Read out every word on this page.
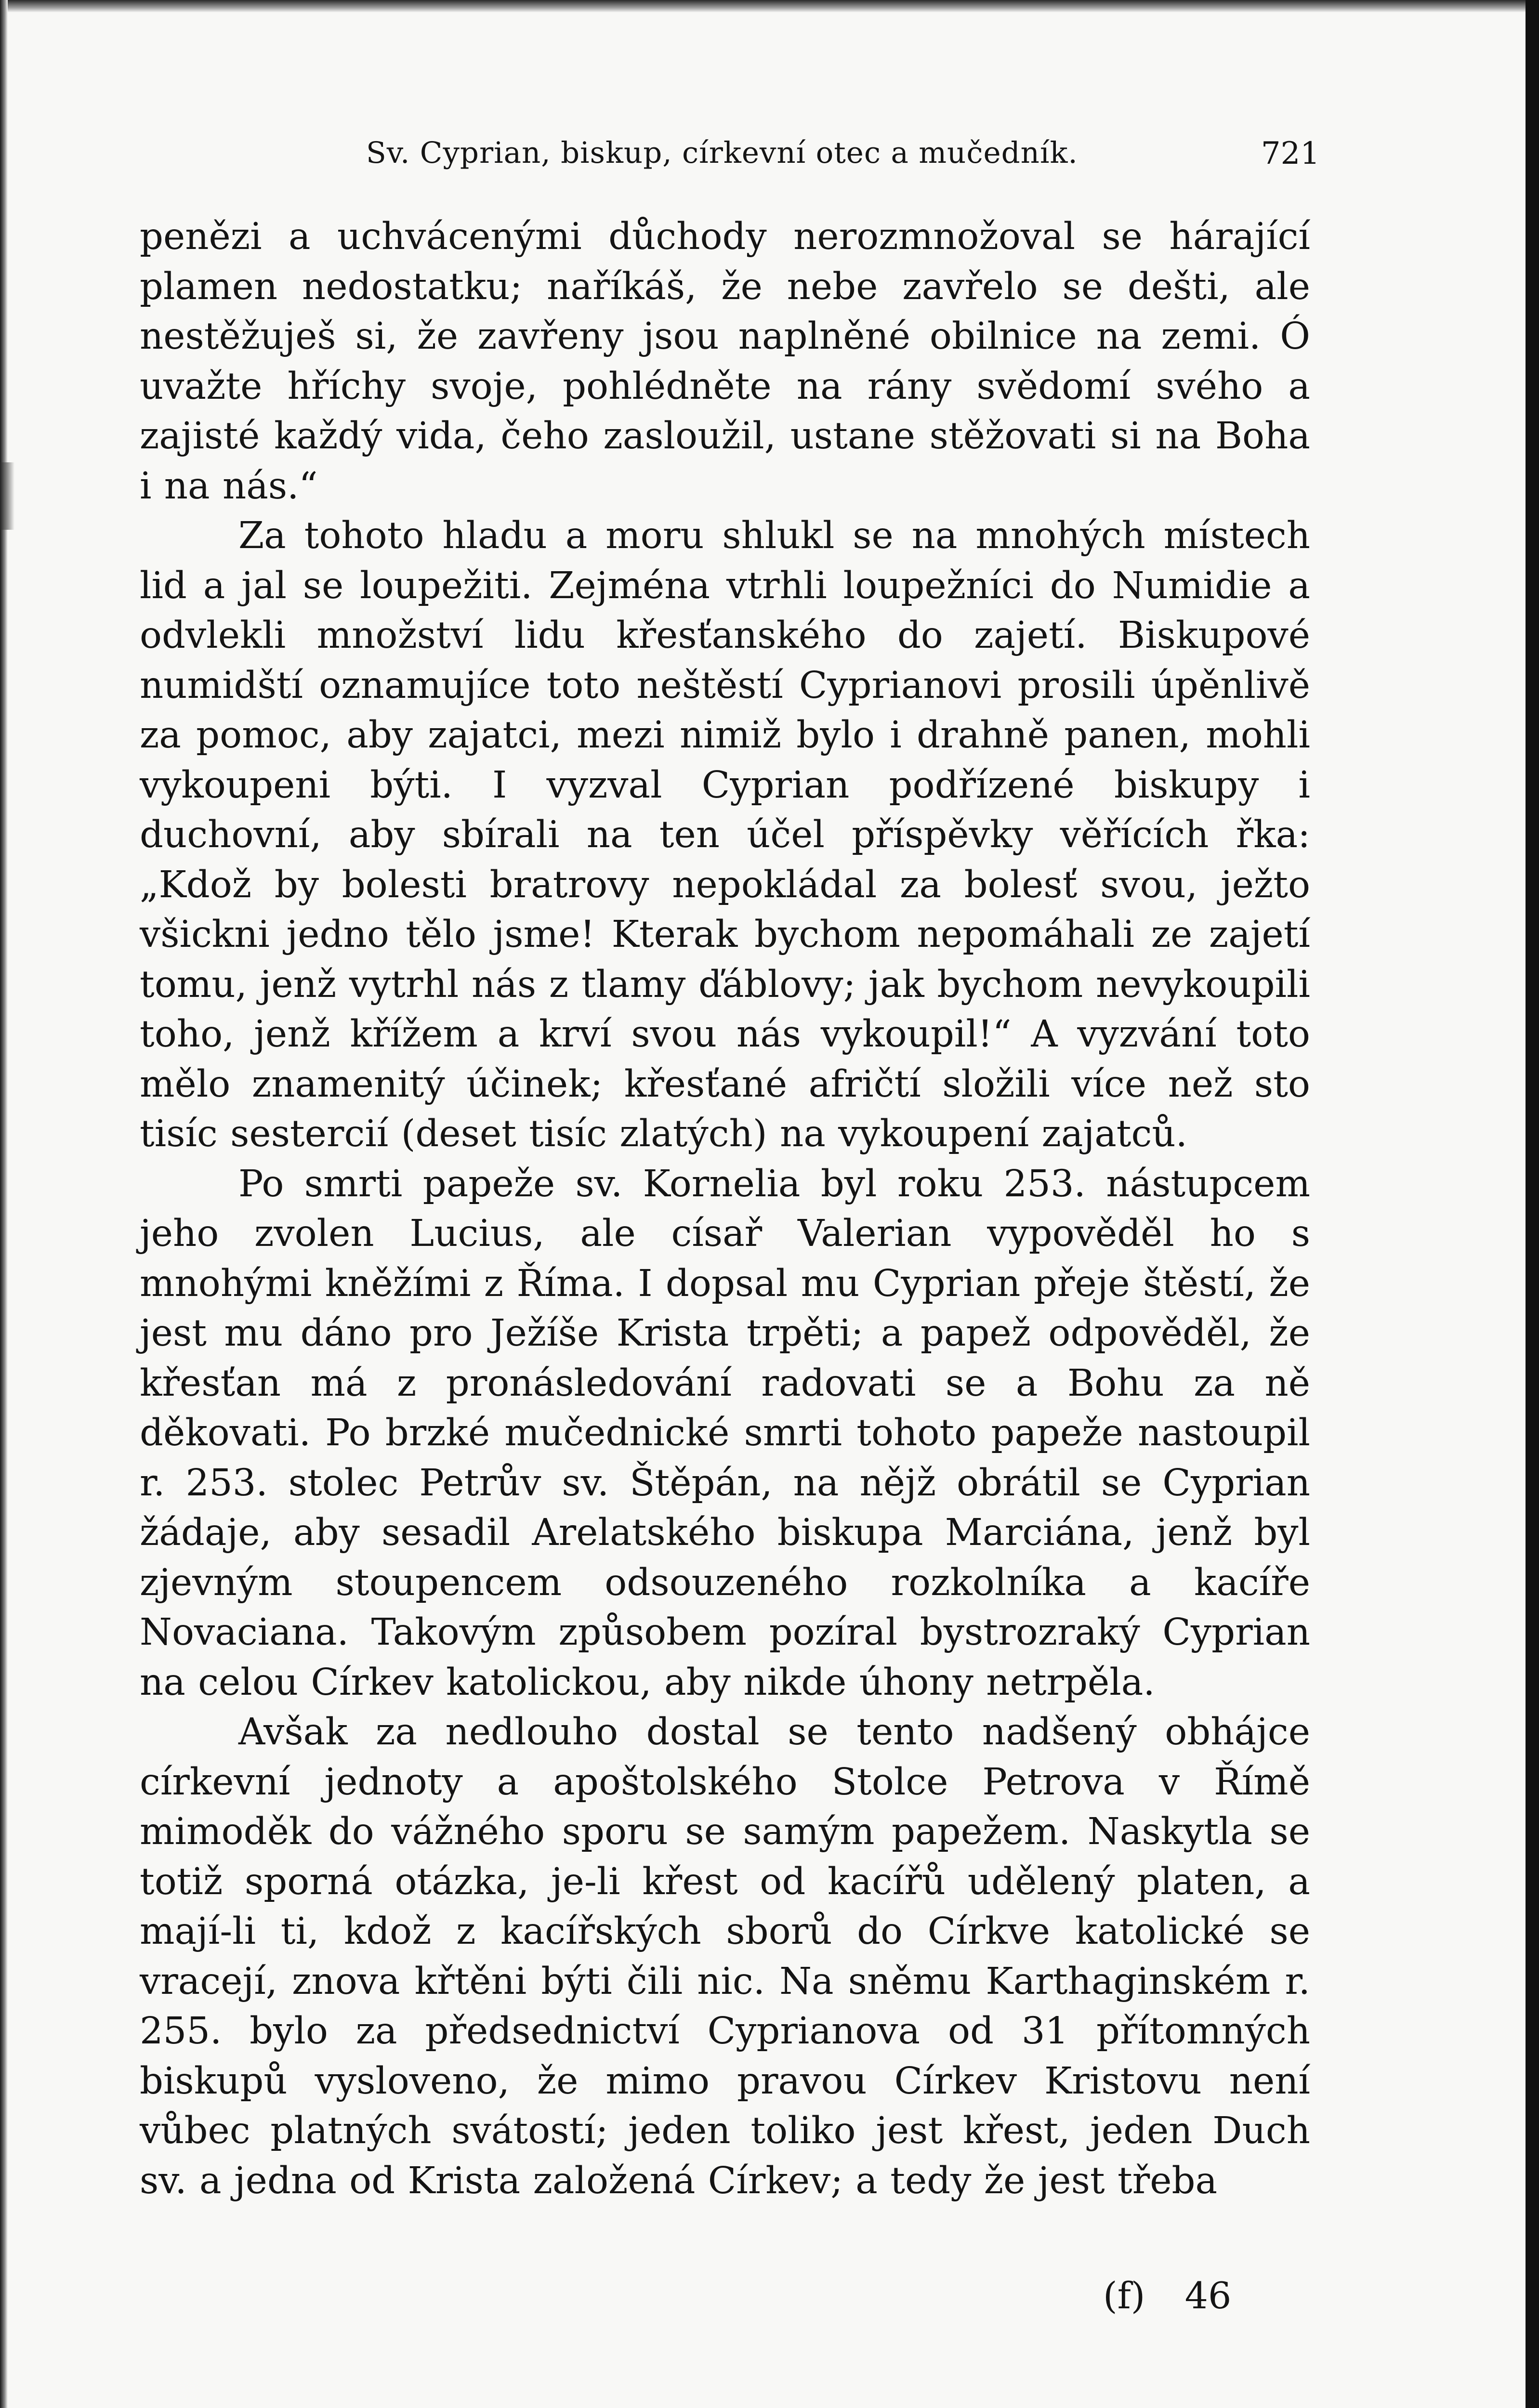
Sv. Cyprian, biskup, církevní otec a mučedník.	721

penězi a uchvácenými důchody nerozmnožoval se hárající plamen nedostatku; naříkáš, že nebe zavřelo se dešti, ale nestěžuješ si, že zavřeny jsou naplněné obilnice na zemi. Ó uvažte hříchy svoje, pohlédněte na rány svědomí svého a zajisté každý vida, čeho zasloužil, ustane stěžovati si na Boha i na nás.“

Za tohoto hladu a moru shlukl se na mnohých místech lid a jal se loupežiti. Zejména vtrhli loupežníci do Numidie a odvlekli množství lidu křesťanského do zajetí. Biskupové numidští oznamujíce toto neštěstí Cyprianovi prosili úpěnlivě za pomoc, aby zajatci, mezi nimiž bylo i drahně panen, mohli vykoupeni býti. I vyzval Cyprian podřízené biskupy i duchovní, aby sbírali na ten účel příspěvky věřících řka: „Kdož by bolesti bratrovy nepokládal za bolesť svou, ježto všicknі jedno tělo jsme! Kterak bychom nepomáhali ze zajetí tomu, jenž vytrhl nás z tlamy ďáblovy; jak bychom nevykoupili toho, jenž křížem a krví svou nás vykoupil!“ A vyzvání toto mělo znamenitý účinek; křesťané afričtí složili více než sto tisíc sestercií (deset tisíc zlatých) na vykoupení zajatců.

Po smrti papeže sv. Kornelia byl roku 253. nástupcem jeho zvolen Lucius, ale císař Valerian vypověděl ho s mnohými kněžími z Říma. I dopsal mu Cyprian přeje štěstí, že jest mu dáno pro Ježíše Krista trpěti; a papež odpověděl, že křesťan má z pronásledování radovati se a Bohu za ně děkovati. Po brzké mučednické smrti tohoto papeže nastoupil r. 253. stolec Petrův sv. Štěpán, na nějž obrátil se Cyprian žádaje, aby sesadil Arelatského biskupa Marciána, jenž byl zjevným stoupencem odsouzeného rozkolníka a kacíře Novaciana. Takovým způsobem pozíral bystrozraký Cyprian na celou Církev katolickou, aby nikde úhony netrpěla.

Avšak za nedlouho dostal se tento nadšený obhájce církevní jednoty a apoštolského Stolce Petrova v Římě mimoděk do vážného sporu se samým papežem. Naskytla se totiž sporná otázka, je-li křest od kacířů udělený platen, a mají-li ti, kdož z kacířských sborů do Církve katolické se vracejí, znova křtěni býti čili nic. Na sněmu Karthaginském r. 255. bylo za předsednictví Cyprianova od 31 přítomných biskupů vysloveno, že mimo pravou Církev Kristovu není vůbec platných svátostí; jeden toliko jest křest, jeden Duch sv. a jedna od Krista založená Církev; a tedy že jest třeba

(f) 46
